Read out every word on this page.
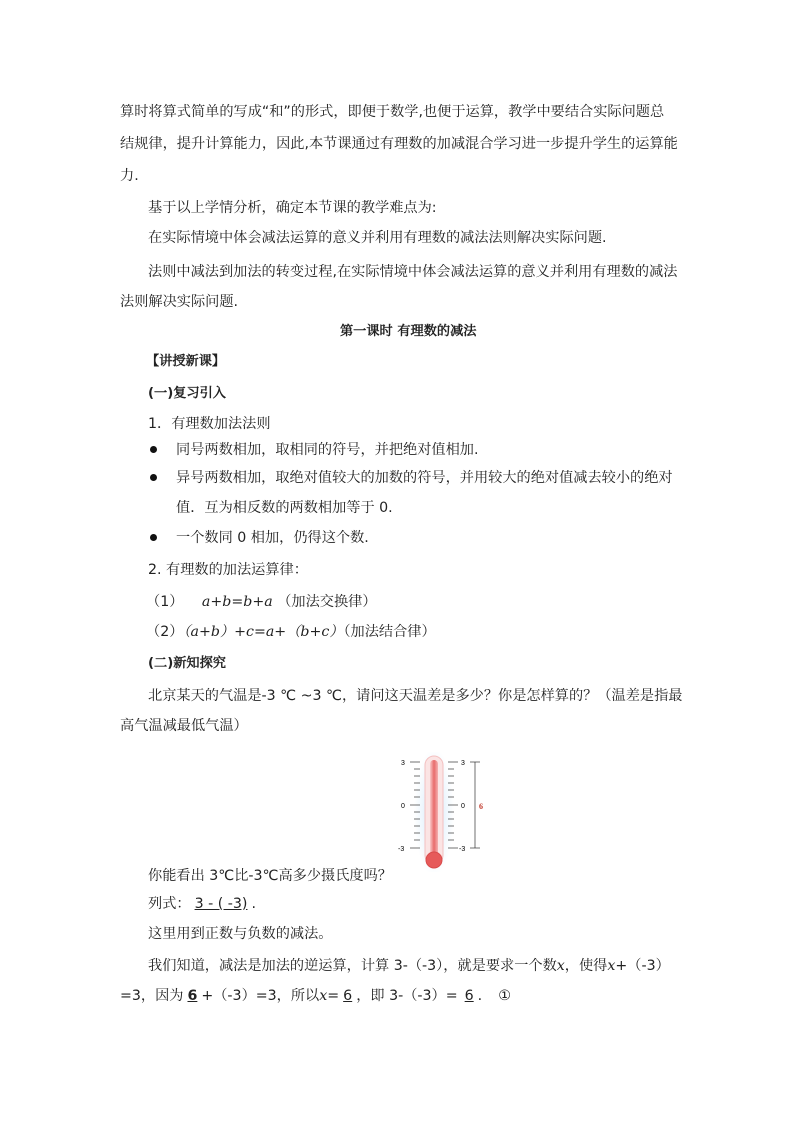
算时将算式简单的写成“和”的形式，即便于数学,也便于运算，教学中要结合实际问题总
结规律，提升计算能力，因此,本节课通过有理数的加减混合学习进一步提升学生的运算能
力.
基于以上学情分析，确定本节课的教学难点为:
在实际情境中体会减法运算的意义并利用有理数的减法法则解决实际问题.
法则中减法到加法的转变过程,在实际情境中体会减法运算的意义并利用有理数的减法
法则解决实际问题.
第一课时 有理数的减法
【讲授新课】
(一)复习引入
1．有理数加法法则
同号两数相加，取相同的符号，并把绝对值相加.
异号两数相加，取绝对值较大的加数的符号，并用较大的绝对值减去较小的绝对
值．互为相反数的两数相加等于 0.
一个数同 0 相加，仍得这个数.
2. 有理数的加法运算律：
（1） a+b=b+a （加法交换律）
（2）（a+b）+c=a+（b+c）（加法结合律）
(二)新知探究
北京某天的气温是-3 ℃ ~3 ℃，请问这天温差是多少？你是怎样算的？（温差是指最
高气温减最低气温）
3
0
-3
3
0
-3
6
你能看出 3℃比-3℃高多少摄氏度吗？
列式： 3 - ( -3) .
这里用到正数与负数的减法。
我们知道，减法是加法的逆运算，计算 3-（-3），就是要求一个数x，使得x+（-3）
=3，因为 6 +（-3）=3，所以x= 6 ，即 3-（-3）= 6 . ①
